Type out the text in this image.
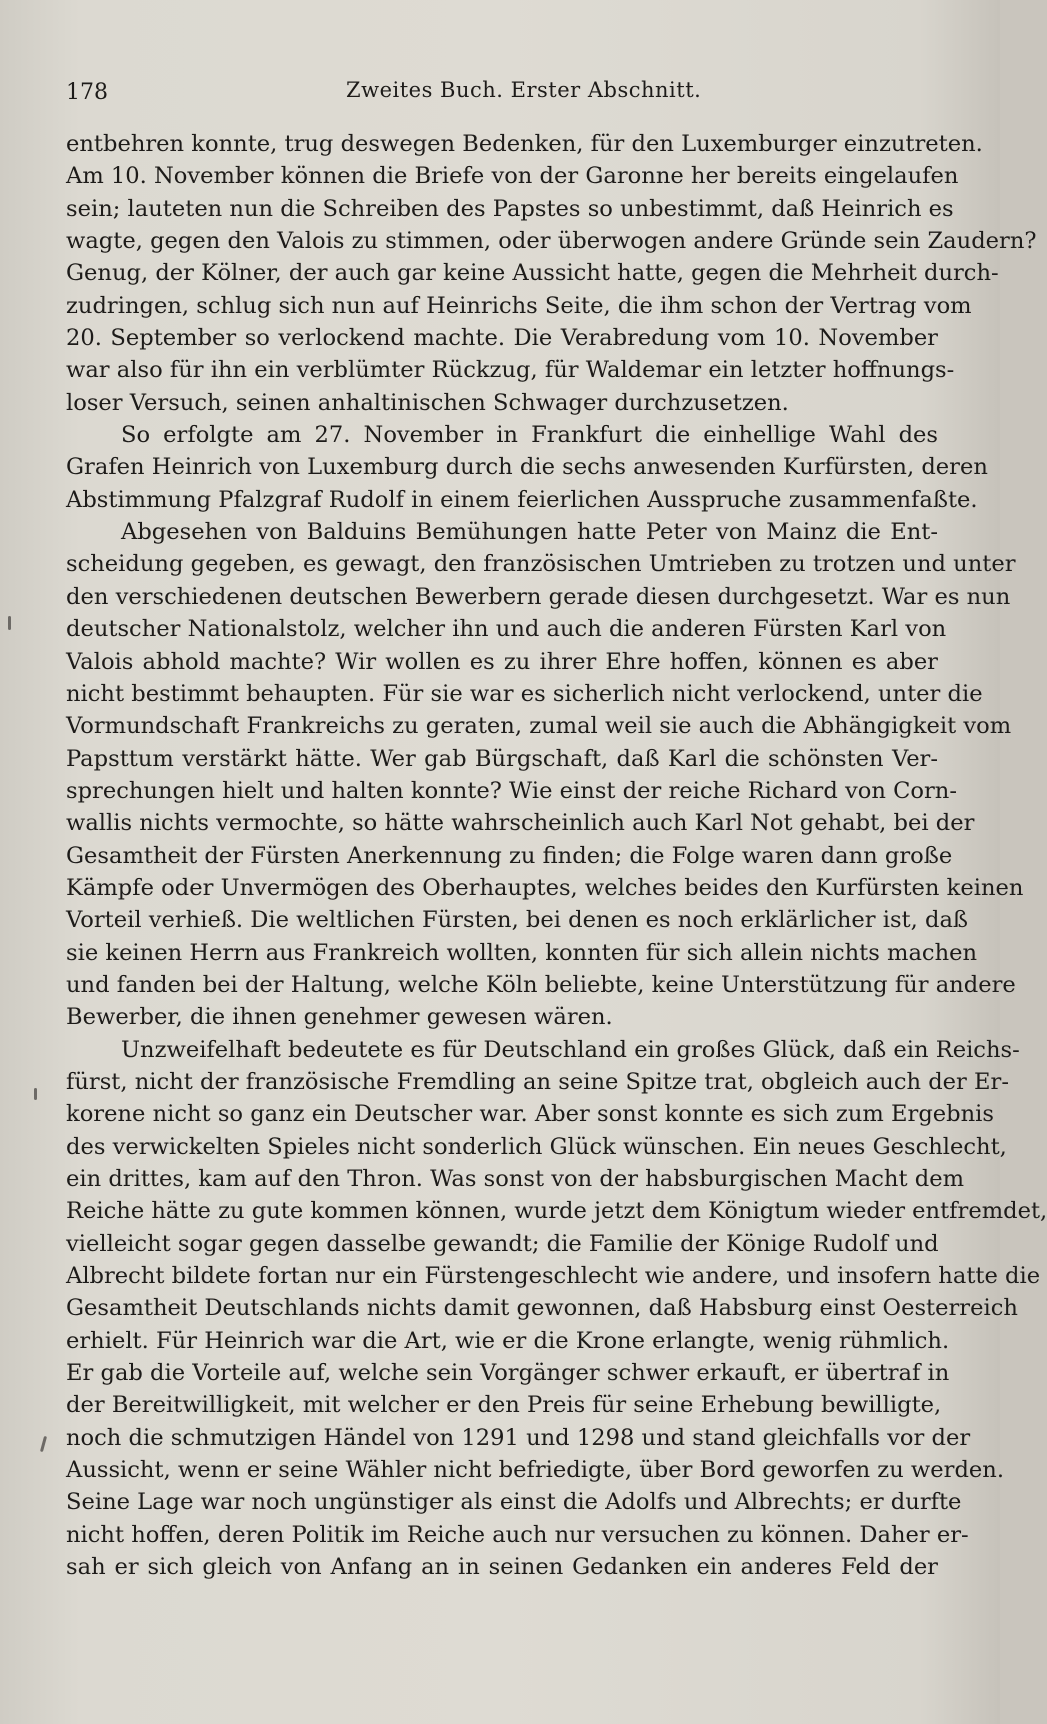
178	Zweites Buch. Erster Abschnitt.
entbehren konnte, trug deswegen Bedenken, für den Luxemburger einzutreten.
Am 10. November können die Briefe von der Garonne her bereits eingelaufen
sein; lauteten nun die Schreiben des Papstes so unbestimmt, daß Heinrich es
wagte, gegen den Valois zu stimmen, oder überwogen andere Gründe sein Zaudern?
Genug, der Kölner, der auch gar keine Aussicht hatte, gegen die Mehrheit durch-
zudringen, schlug sich nun auf Heinrichs Seite, die ihm schon der Vertrag vom
20. September so verlockend machte. Die Verabredung vom 10. November
war also für ihn ein verblümter Rückzug, für Waldemar ein letzter hoffnungs-
loser Versuch, seinen anhaltinischen Schwager durchzusetzen.
So erfolgte am 27. November in Frankfurt die einhellige Wahl des
Grafen Heinrich von Luxemburg durch die sechs anwesenden Kurfürsten, deren
Abstimmung Pfalzgraf Rudolf in einem feierlichen Ausspruche zusammenfaßte.
Abgesehen von Balduins Bemühungen hatte Peter von Mainz die Ent-
scheidung gegeben, es gewagt, den französischen Umtrieben zu trotzen und unter
den verschiedenen deutschen Bewerbern gerade diesen durchgesetzt. War es nun
deutscher Nationalstolz, welcher ihn und auch die anderen Fürsten Karl von
Valois abhold machte? Wir wollen es zu ihrer Ehre hoffen, können es aber
nicht bestimmt behaupten. Für sie war es sicherlich nicht verlockend, unter die
Vormundschaft Frankreichs zu geraten, zumal weil sie auch die Abhängigkeit vom
Papsttum verstärkt hätte. Wer gab Bürgschaft, daß Karl die schönsten Ver-
sprechungen hielt und halten konnte? Wie einst der reiche Richard von Corn-
wallis nichts vermochte, so hätte wahrscheinlich auch Karl Not gehabt, bei der
Gesamtheit der Fürsten Anerkennung zu finden; die Folge waren dann große
Kämpfe oder Unvermögen des Oberhauptes, welches beides den Kurfürsten keinen
Vorteil verhieß. Die weltlichen Fürsten, bei denen es noch erklärlicher ist, daß
sie keinen Herrn aus Frankreich wollten, konnten für sich allein nichts machen
und fanden bei der Haltung, welche Köln beliebte, keine Unterstützung für andere
Bewerber, die ihnen genehmer gewesen wären.
Unzweifelhaft bedeutete es für Deutschland ein großes Glück, daß ein Reichs-
fürst, nicht der französische Fremdling an seine Spitze trat, obgleich auch der Er-
korene nicht so ganz ein Deutscher war. Aber sonst konnte es sich zum Ergebnis
des verwickelten Spieles nicht sonderlich Glück wünschen. Ein neues Geschlecht,
ein drittes, kam auf den Thron. Was sonst von der habsburgischen Macht dem
Reiche hätte zu gute kommen können, wurde jetzt dem Königtum wieder entfremdet,
vielleicht sogar gegen dasselbe gewandt; die Familie der Könige Rudolf und
Albrecht bildete fortan nur ein Fürstengeschlecht wie andere, und insofern hatte die
Gesamtheit Deutschlands nichts damit gewonnen, daß Habsburg einst Oesterreich
erhielt. Für Heinrich war die Art, wie er die Krone erlangte, wenig rühmlich.
Er gab die Vorteile auf, welche sein Vorgänger schwer erkauft, er übertraf in
der Bereitwilligkeit, mit welcher er den Preis für seine Erhebung bewilligte,
noch die schmutzigen Händel von 1291 und 1298 und stand gleichfalls vor der
Aussicht, wenn er seine Wähler nicht befriedigte, über Bord geworfen zu werden.
Seine Lage war noch ungünstiger als einst die Adolfs und Albrechts; er durfte
nicht hoffen, deren Politik im Reiche auch nur versuchen zu können. Daher er-
sah er sich gleich von Anfang an in seinen Gedanken ein anderes Feld der
